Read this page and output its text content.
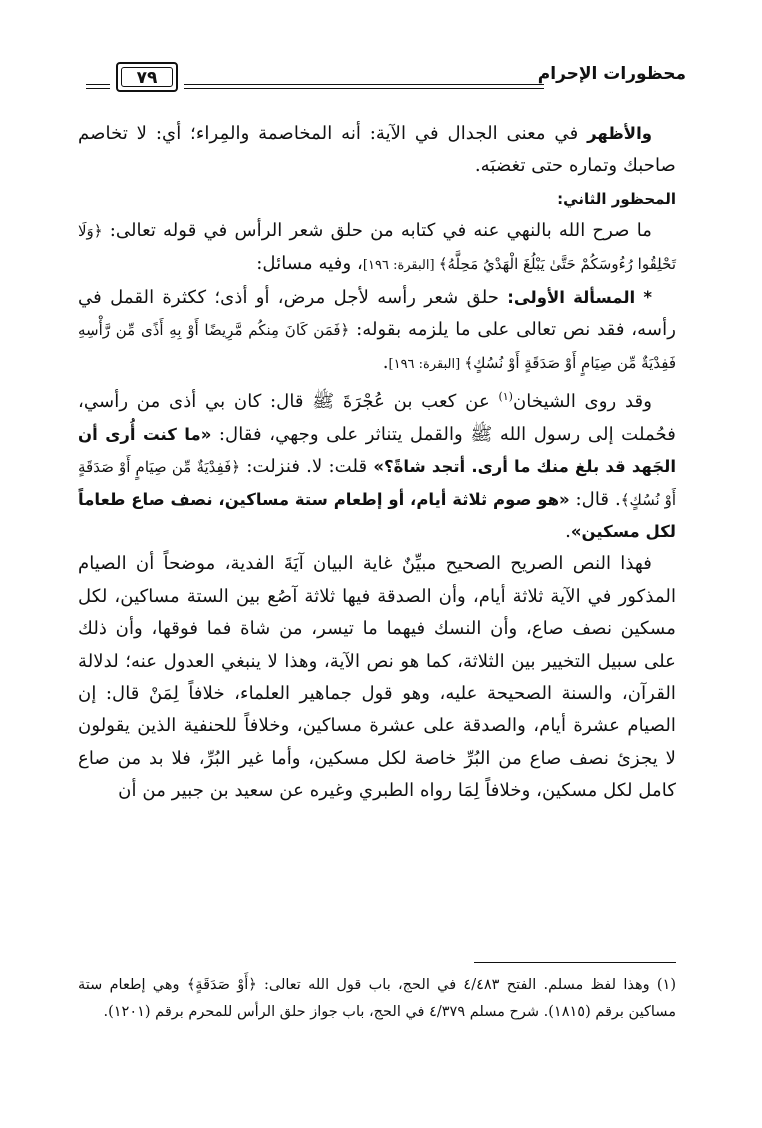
محظورات الإحرام
٧٩

والأظهر في معنى الجدال في الآية: أنه المخاصمة والمِراء؛ أي: لا تخاصم صاحبك وتماره حتى تغضبَه.

المحظور الثاني:

ما صرح الله بالنهي عنه في كتابه من حلق شعر الرأس في قوله تعالى: ﴿وَلَا تَحْلِقُوا رُءُوسَكُمْ حَتَّىٰ يَبْلُغَ الْهَدْيُ مَحِلَّهُ﴾ [البقرة: ١٩٦]، وفيه مسائل:

* المسألة الأولى: حلق شعر رأسه لأجل مرض، أو أذى؛ ككثرة القمل في رأسه، فقد نص تعالى على ما يلزمه بقوله: ﴿فَمَن كَانَ مِنكُم مَّرِيضًا أَوْ بِهِ أَذًى مِّن رَّأْسِهِ فَفِدْيَةٌ مِّن صِيَامٍ أَوْ صَدَقَةٍ أَوْ نُسُكٍ﴾ [البقرة: ١٩٦].

وقد روى الشيخان$^{(١)}$ عن كعب بن عُجْرَةَ ﷺ قال: كان بي أذى من رأسي، فحُملت إلى رسول الله ﷺ والقمل يتناثر على وجهي، فقال: «ما كنت أُرى أن الجَهد قد بلغ منك ما أرى. أتجد شاةً؟» قلت: لا. فنزلت: ﴿فَفِدْيَةٌ مِّن صِيَامٍ أَوْ صَدَقَةٍ أَوْ نُسُكٍ﴾. قال: «هو صوم ثلاثة أيام، أو إطعام ستة مساكين، نصف صاع طعاماً لكل مسكين».

فهذا النص الصريح الصحيح مبيِّنٌ غاية البيان آيَةَ الفدية، موضحاً أن الصيام المذكور في الآية ثلاثة أيام، وأن الصدقة فيها ثلاثة آصُع بين الستة مساكين، لكل مسكين نصف صاع، وأن النسك فيهما ما تيسر، من شاة فما فوقها، وأن ذلك على سبيل التخيير بين الثلاثة، كما هو نص الآية، وهذا لا ينبغي العدول عنه؛ لدلالة القرآن، والسنة الصحيحة عليه، وهو قول جماهير العلماء، خلافاً لِمَنْ قال: إن الصيام عشرة أيام، والصدقة على عشرة مساكين، وخلافاً للحنفية الذين يقولون لا يجزئ نصف صاع من البُرِّ خاصة لكل مسكين، وأما غير البُرِّ، فلا بد من صاع كامل لكل مسكين، وخلافاً لِمَا رواه الطبري وغيره عن سعيد بن جبير من أن

(١) وهذا لفظ مسلم. الفتح ٤/٤٨٣ في الحج، باب قول الله تعالى: ﴿أَوْ صَدَقَةٍ﴾ وهي إطعام ستة مساكين برقم (١٨١٥). شرح مسلم ٤/٣٧٩ في الحج، باب جواز حلق الرأس للمحرم برقم (١٢٠١).
